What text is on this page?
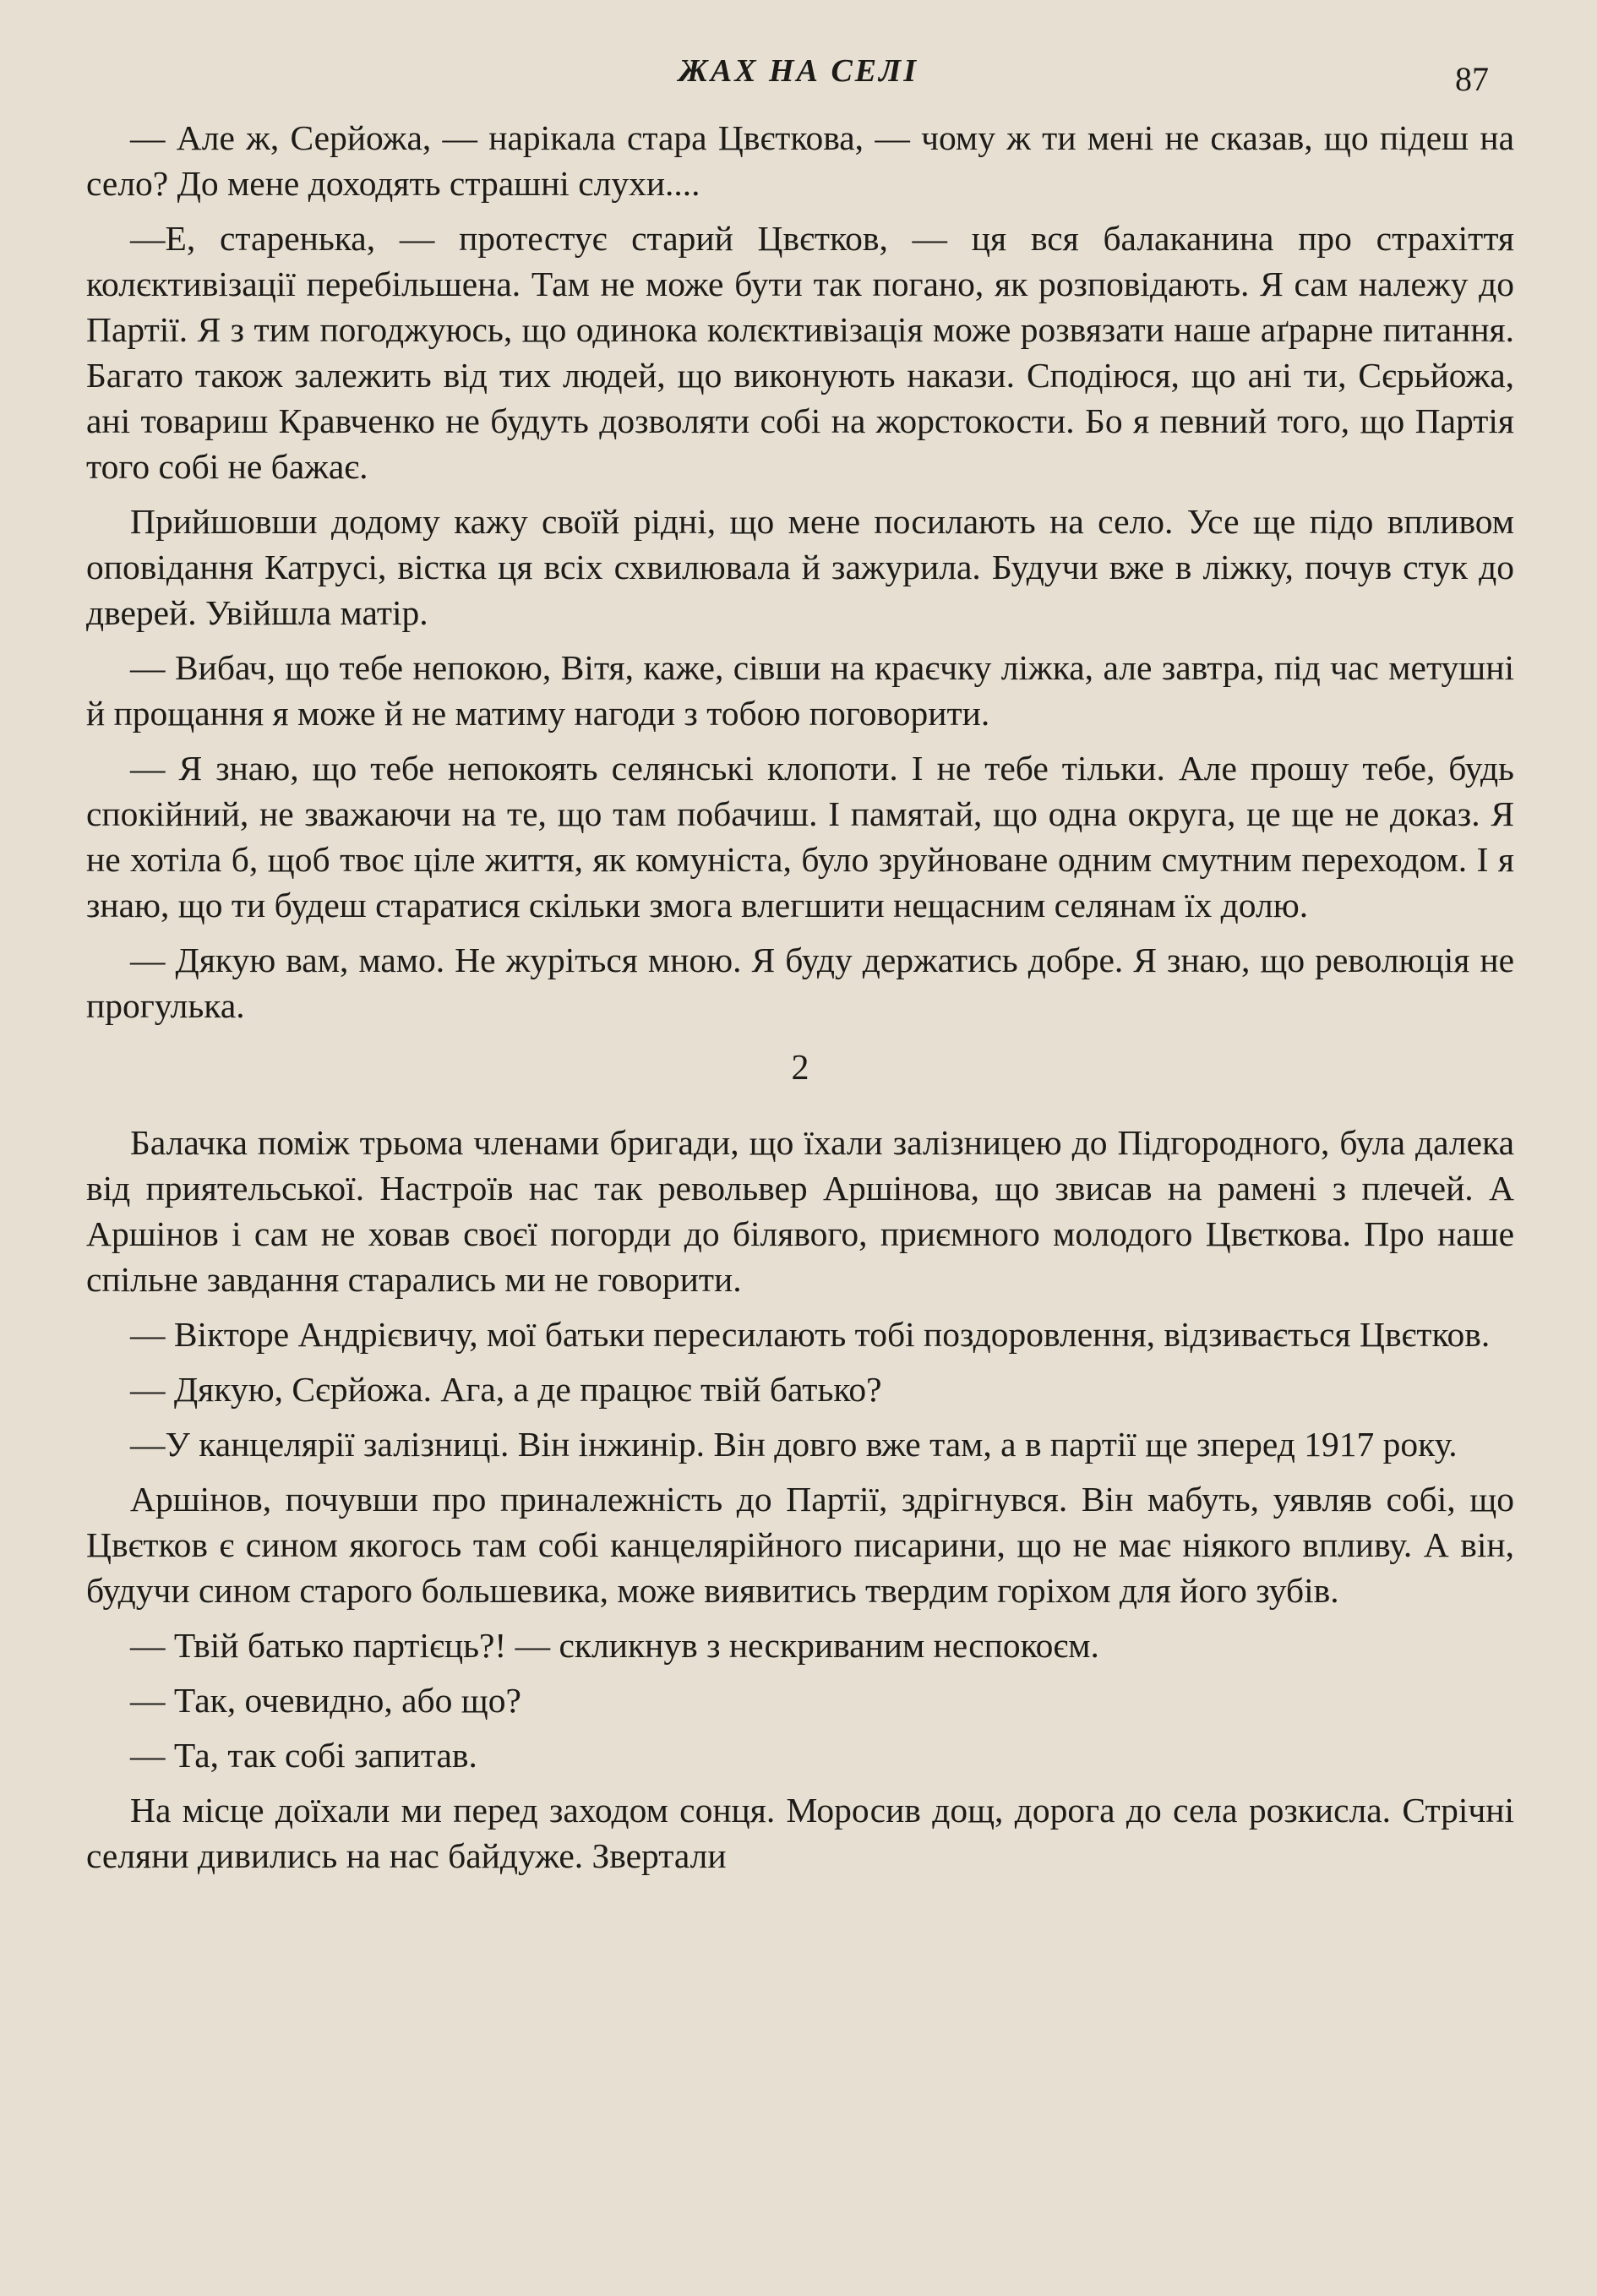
ЖАХ НА СЕЛІ	87

— Але ж, Серйожа, — нарікала стара Цвєткова, — чому ж ти мені не сказав, що підеш на село? До мене доходять страшні слухи....

—Е, старенька, — протестує старий Цвєтков, — ця вся балаканина про страхіття колєктивізації перебільшена. Там не може бути так погано, як розповідають. Я сам належу до Партії. Я з тим погоджуюсь, що одинока колєктивізація може розвязати наше аґрарне питання. Багато також залежить від тих людей, що виконують накази. Сподіюся, що ані ти, Сєрьйожа, ані товариш Кравченко не будуть дозволяти собі на жорстокости. Бо я певний того, що Партія того собі не бажає.

Прийшовши додому кажу своїй рідні, що мене посилають на село. Усе ще підо впливом оповідання Катрусі, вістка ця всіх схвилювала й зажурила. Будучи вже в ліжку, почув стук до дверей. Увійшла матір.

— Вибач, що тебе непокою, Вітя, каже, сівши на краєчку ліжка, але завтра, під час метушні й прощання я може й не матиму нагоди з тобою поговорити.

— Я знаю, що тебе непокоять селянські клопоти. І не тебе тільки. Але прошу тебе, будь спокійний, не зважаючи на те, що там побачиш. І памятай, що одна округа, це ще не доказ. Я не хотіла б, щоб твоє ціле життя, як комуніста, було зруйноване одним смутним переходом. І я знаю, що ти будеш старатися скільки змога влегшити нещасним селянам їх долю.

— Дякую вам, мамо. Не журіться мною. Я буду держатись добре. Я знаю, що революція не прогулька.

2

Балачка поміж трьома членами бригади, що їхали залізницею до Підгородного, була далека від приятельської. Настроїв нас так револьвер Аршінова, що звисав на рамені з плечей. А Аршінов і сам не ховав своєї погорди до білявого, приємного молодого Цвєткова. Про наше спільне завдання старались ми не говорити.

— Вікторе Андрієвичу, мої батьки пересилають тобі поздоровлення, відзивається Цвєтков.

— Дякую, Сєрйожа. Ага, а де працює твій батько?

—У канцелярії залізниці. Він інжинір. Він довго вже там, а в партії ще зперед 1917 року.

Аршінов, почувши про приналежність до Партії, здрігнувся. Він мабуть, уявляв собі, що Цвєтков є сином якогось там собі канцелярійного писарини, що не має ніякого впливу. А він, будучи сином старого большевика, може виявитись твердим горіхом для його зубів.

— Твій батько партієць?! — скликнув з нескриваним неспокоєм.

— Так, очевидно, або що?

— Та, так собі запитав.

На місце доїхали ми перед заходом сонця. Моросив дощ, дорога до села розкисла. Стрічні селяни дивились на нас байдуже. Звертали
